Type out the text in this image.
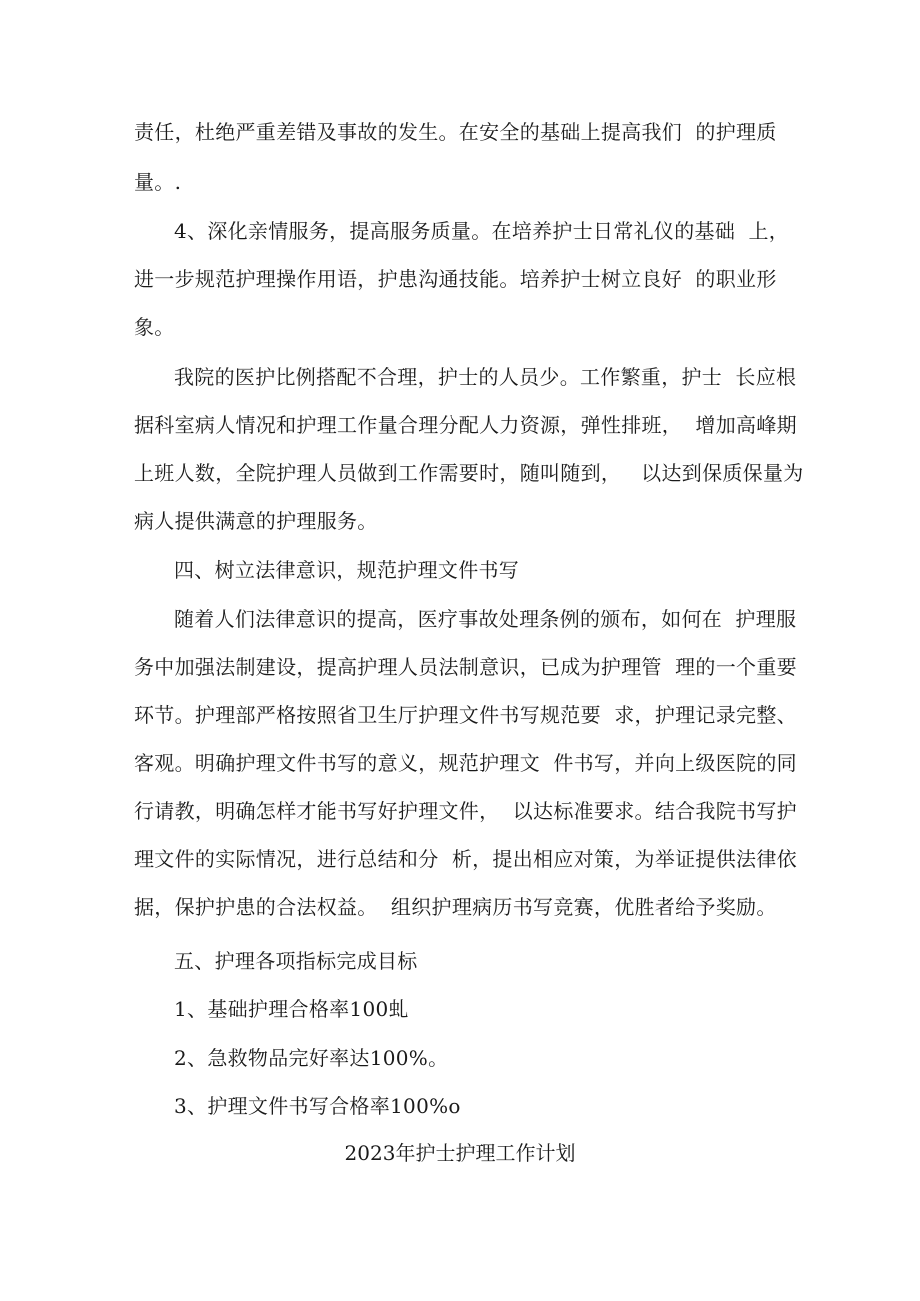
责任，杜绝严重差错及事故的发生。在安全的基础上提高我们  的护理质
量。.
4、深化亲情服务，提高服务质量。在培养护士日常礼仪的基础  上，
进一步规范护理操作用语，护患沟通技能。培养护士树立良好  的职业形
象。
我院的医护比例搭配不合理，护士的人员少。工作繁重，护士  长应根
据科室病人情况和护理工作量合理分配人力资源，弹性排班，  增加高峰期
上班人数，全院护理人员做到工作需要时，随叫随到，   以达到保质保量为
病人提供满意的护理服务。
四、树立法律意识，规范护理文件书写
随着人们法律意识的提高，医疗事故处理条例的颁布，如何在  护理服
务中加强法制建设，提高护理人员法制意识，已成为护理管  理的一个重要
环节。护理部严格按照省卫生厅护理文件书写规范要  求，护理记录完整、
客观。明确护理文件书写的意义，规范护理文  件书写，并向上级医院的同
行请教，明确怎样才能书写好护理文件，  以达标准要求。结合我院书写护
理文件的实际情况，进行总结和分  析，提出相应对策，为举证提供法律依
据，保护护患的合法权益。  组织护理病历书写竞赛，优胜者给予奖励。
五、护理各项指标完成目标
1、基础护理合格率100虬
2、急救物品完好率达100%。
3、护理文件书写合格率100%o
2023年护士护理工作计划
